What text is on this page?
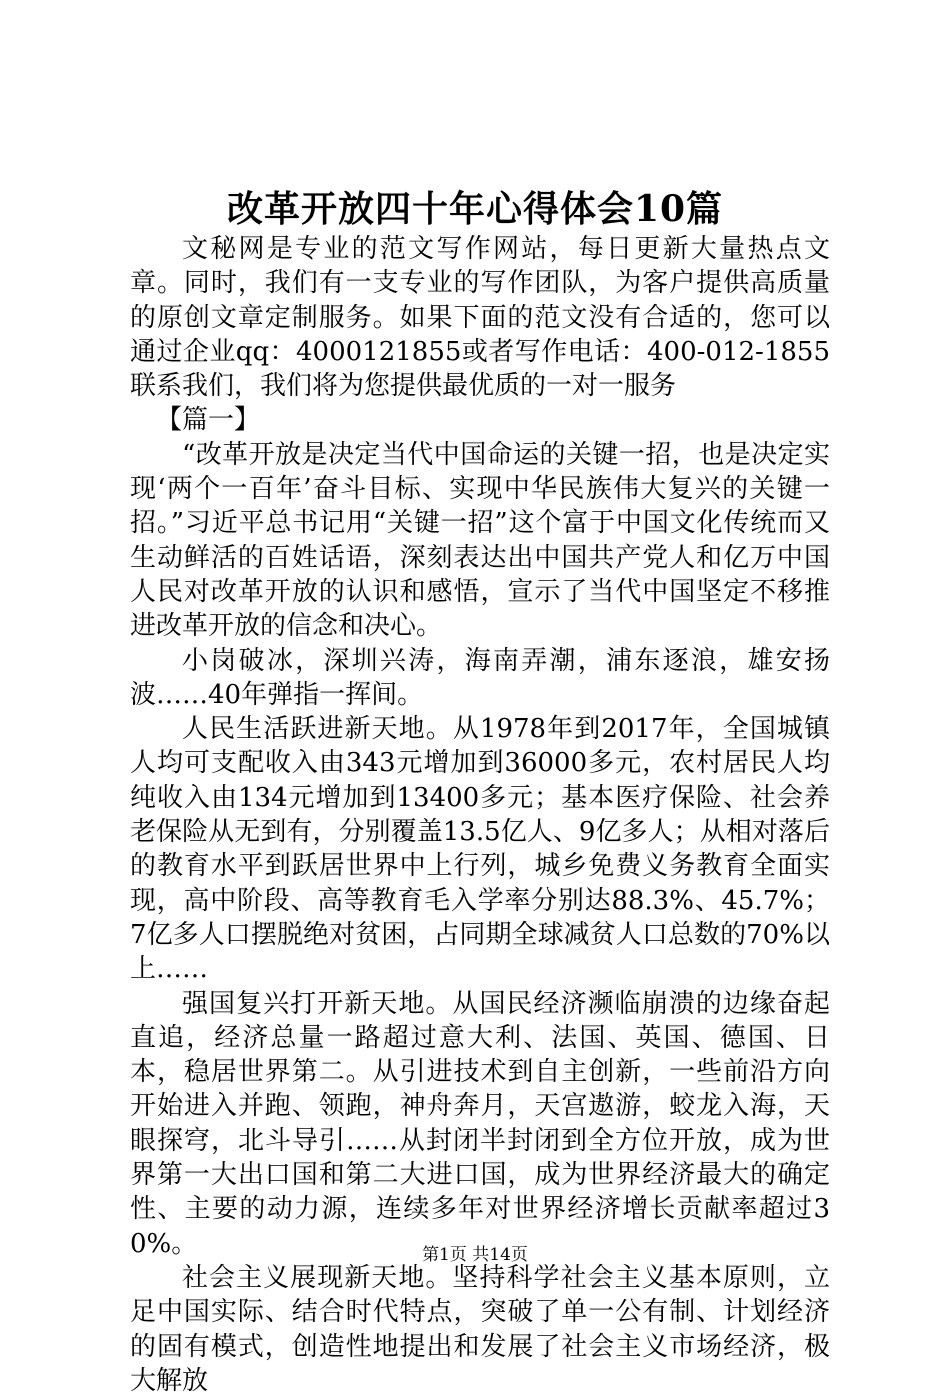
改革开放四十年心得体会10篇

文秘网是专业的范文写作网站，每日更新大量热点文章。同时，我们有一支专业的写作团队，为客户提供高质量的原创文章定制服务。如果下面的范文没有合适的，您可以通过企业qq：4000121855或者写作电话：400-012-1855联系我们，我们将为您提供最优质的一对一服务

【篇一】

“改革开放是决定当代中国命运的关键一招，也是决定实现‘两个一百年’奋斗目标、实现中华民族伟大复兴的关键一招。”习近平总书记用“关键一招”这个富于中国文化传统而又生动鲜活的百姓话语，深刻表达出中国共产党人和亿万中国人民对改革开放的认识和感悟，宣示了当代中国坚定不移推进改革开放的信念和决心。

小岗破冰，深圳兴涛，海南弄潮，浦东逐浪，雄安扬波……40年弹指一挥间。

人民生活跃进新天地。从1978年到2017年，全国城镇人均可支配收入由343元增加到36000多元，农村居民人均纯收入由134元增加到13400多元；基本医疗保险、社会养老保险从无到有，分别覆盖13.5亿人、9亿多人；从相对落后的教育水平到跃居世界中上行列，城乡免费义务教育全面实现，高中阶段、高等教育毛入学率分别达88.3%、45.7%；7亿多人口摆脱绝对贫困，占同期全球减贫人口总数的70%以上……

强国复兴打开新天地。从国民经济濒临崩溃的边缘奋起直追，经济总量一路超过意大利、法国、英国、德国、日本，稳居世界第二。从引进技术到自主创新，一些前沿方向开始进入并跑、领跑，神舟奔月，天宫遨游，蛟龙入海，天眼探穹，北斗导引……从封闭半封闭到全方位开放，成为世界第一大出口国和第二大进口国，成为世界经济最大的确定性、主要的动力源，连续多年对世界经济增长贡献率超过30%。

社会主义展现新天地。坚持科学社会主义基本原则，立足中国实际、结合时代特点，突破了单一公有制、计划经济的固有模式，创造性地提出和发展了社会主义市场经济，极大解放

第1页 共14页
